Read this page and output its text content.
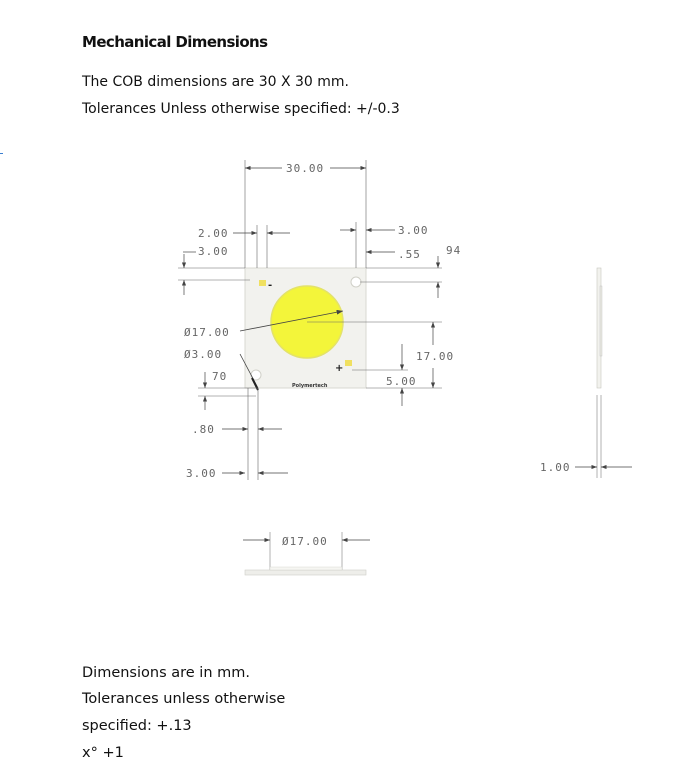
Mechanical Dimensions
The COB dimensions are 30 X 30 mm.
Tolerances Unless otherwise specified: +/-0.3
-
+
Polymertech
30.00
2.00
3.00
3.00
.55 94
17.00
5.00
Ø17.00
Ø3.00
70
.80
3.00	1.00
Ø17.00
Dimensions are in mm.
Tolerances unless otherwise
specified: +.13
x° +1
